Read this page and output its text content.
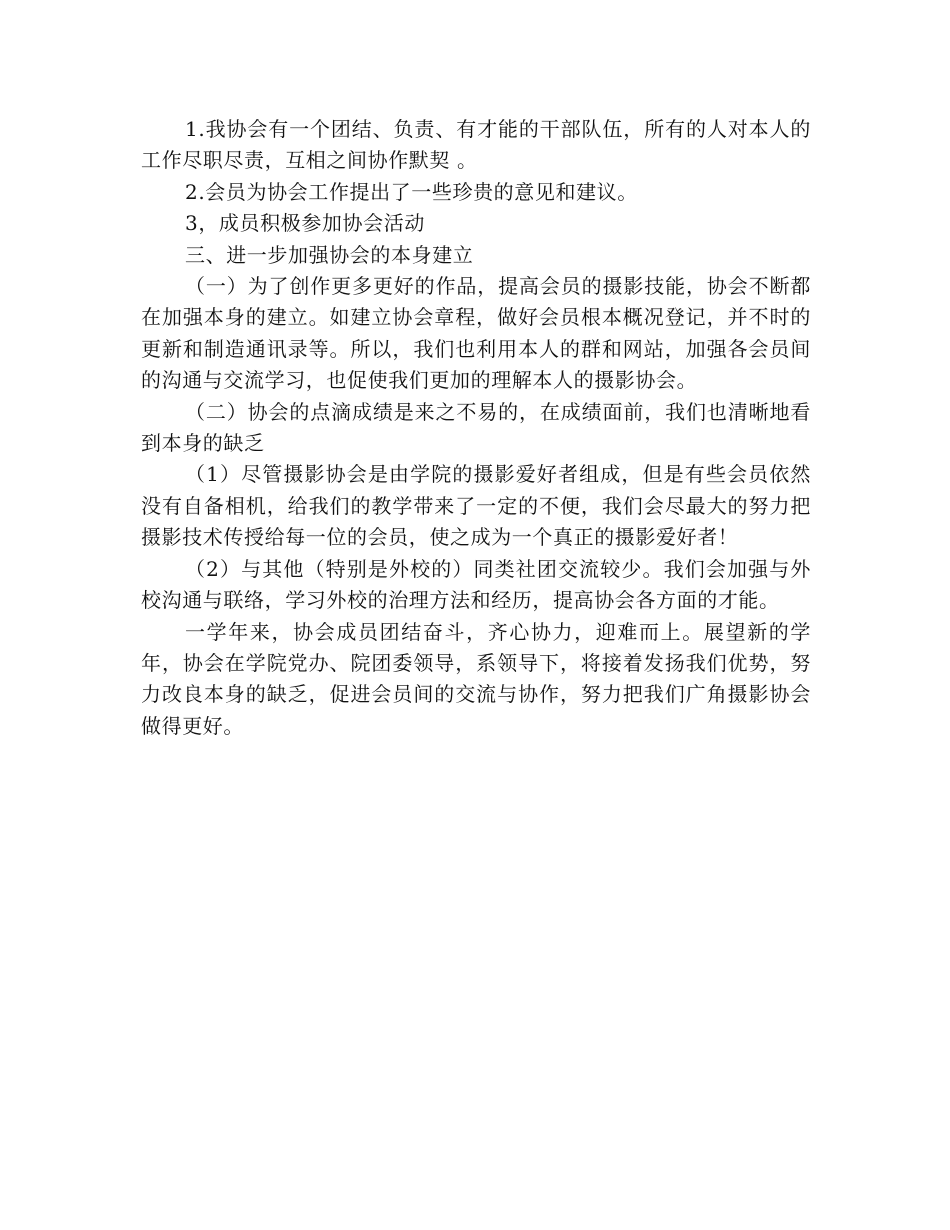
1.我协会有一个团结、负责、有才能的干部队伍，所有的人对本人的工作尽职尽责，互相之间协作默契 。

2.会员为协会工作提出了一些珍贵的意见和建议。

3，成员积极参加协会活动

三、进一步加强协会的本身建立

（一）为了创作更多更好的作品，提高会员的摄影技能，协会不断都在加强本身的建立。如建立协会章程，做好会员根本概况登记，并不时的更新和制造通讯录等。所以，我们也利用本人的群和网站，加强各会员间的沟通与交流学习，也促使我们更加的理解本人的摄影协会。

（二）协会的点滴成绩是来之不易的，在成绩面前，我们也清晰地看到本身的缺乏

（1）尽管摄影协会是由学院的摄影爱好者组成，但是有些会员依然没有自备相机，给我们的教学带来了一定的不便，我们会尽最大的努力把摄影技术传授给每一位的会员，使之成为一个真正的摄影爱好者！

（2）与其他（特别是外校的）同类社团交流较少。我们会加强与外校沟通与联络，学习外校的治理方法和经历，提高协会各方面的才能。

一学年来，协会成员团结奋斗，齐心协力，迎难而上。展望新的学年，协会在学院党办、院团委领导，系领导下，将接着发扬我们优势，努力改良本身的缺乏，促进会员间的交流与协作，努力把我们广角摄影协会做得更好。
